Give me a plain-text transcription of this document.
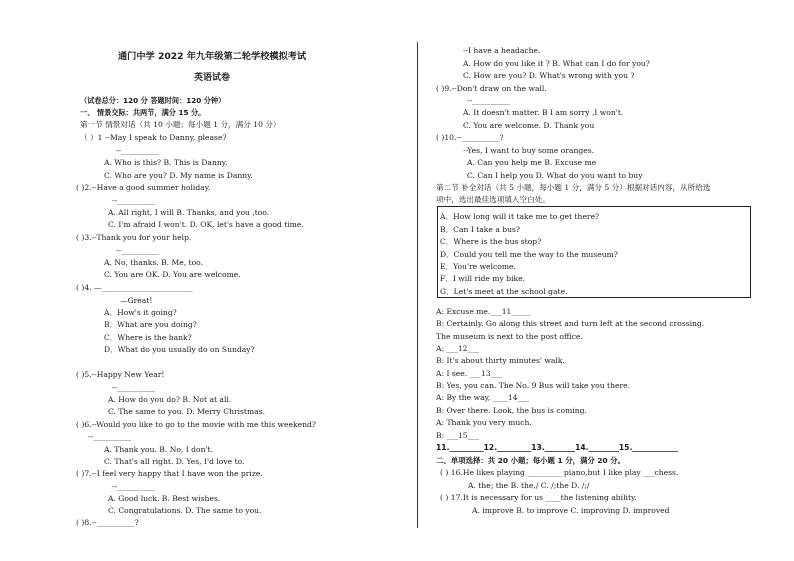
通门中学 2022 年九年级第二轮学校模拟考试
英语试卷
（试卷总分：120 分 答题时间：120 分钟）
一、 情景交际：共两节，满分 15 分。
第一节 情景对话（共 10 小题；每小题 1 分，满分 10 分）
（ ）1 --May I speak to Danny, please?
--__________
A. Who is this? B. This is Danny.
C. Who are you? D. My name is Danny.
( )2.--Have a good summer holiday.
--__________
A. All right, I will B. Thanks, and you ,too.
C. I'm afraid I won't. D. OK, let's have a good time.
( )3.--Thank you for your help.
--__________
A. No, thanks. B. Me, too.
C. You are OK. D. You are welcome.
( )4. —________________________
—Great!
A．How's it going?
B．What are you doing?
C．Where is the bank?
D．What do you usually do on Sunday?
( )5.--Happy New Year!
--__________
A. How do you do? B. Not at all.
C. The same to you. D. Merry Christmas.
( )6.--Would you like to go to the movie with me this weekend?
--__________
A. Thank you. B. No, I don't.
C. That's all right. D. Yes, I'd love to.
( )7.--I feel very happy that I have won the prize.
--__________
A. Good luck. B. Best wishes.
C. Congratulations. D. The same to you.
( )8.--__________?
--I have a headache.
A. How do you like it ? B. What can I do for you?
C. How are you? D. What's wrong with you ?
( )9.--Don't draw on the wall.
--__________
A. It doesn't matter. B I am sorry ,I won't.
C. You are welcome. D. Thank you
( )10.--__________?
--Yes, I want to buy some oranges.
A. Can you help me B. Excuse me
C. Can I help you D. What do you want to buy
第二节 补全对话（共 5 小题，每小题 1 分，满分 5 分）根据对话内容，从所给选
项中，选出最佳选项填入空白处。
A．How long will it take me to get there?
B．Can I take a bus?
C．Where is the bus stop?
D．Could you tell me the way to the museum?
E．You're welcome.
F．I will ride my bike.
G．Let's meet at the school gate.
A: Excuse me.___11_____
B: Certainly. Go along this street and turn left at the second crossing.
The museum is next to the post office.
A: ___12___
B: It's about thirty minutes' walk.
A: I see. ___13___
B: Yes, you can. The No. 9 Bus will take you there.
A: By the way, ____14___
B: Over there. Look, the bus is coming.
A: Thank you very much.
B: ___15___
11._________12._________13.________14.________15.____________
二、单项选择：共 20 小题；每小题 1 分，满分 20 分。
( ) 16.He likes playing _________ piano,but I like play ___chess.
A. the; the B. the,/ C. /;the D. /;/
( ) 17.It is necessary for us ____the listening ability.
A. improve B. to improve C. improving D. improved
